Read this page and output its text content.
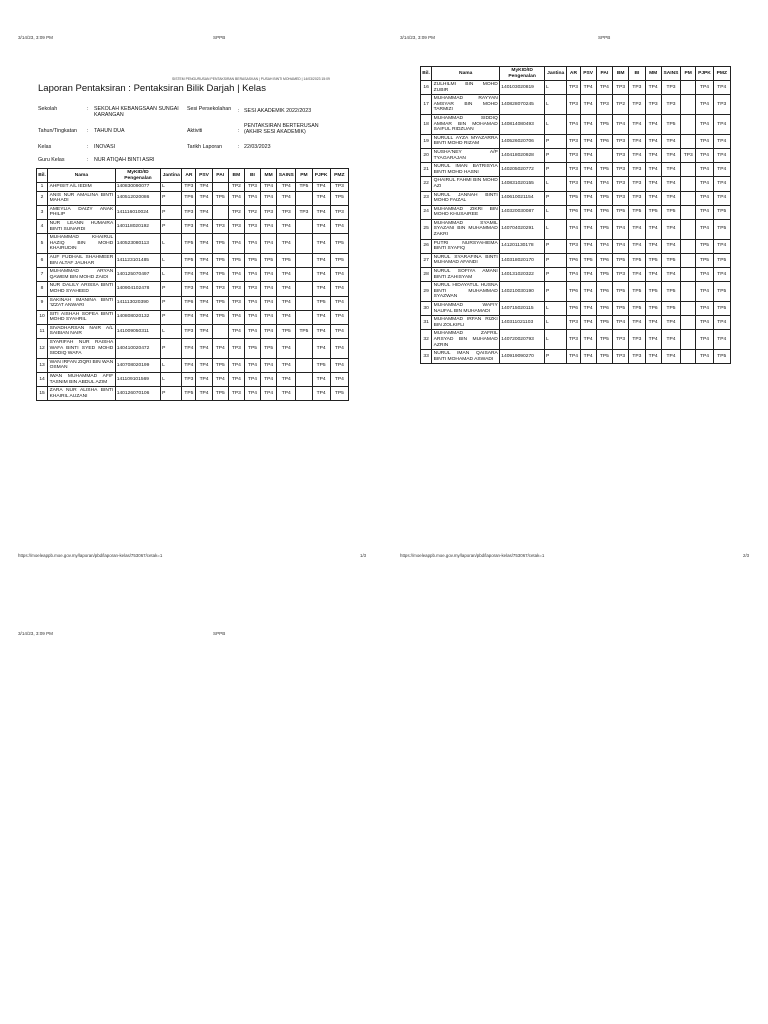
3/14/23, 3:09 PM	SPPB	3/14/23, 3:09 PM	SPPB
SISTEM PENGURUSAN PENTAKSIRAN BERASASKAN | PUSAH BINTI MOHAMED | 14/03/2023 15:09
Laporan Pentaksiran : Pentaksiran Bilik Darjah | Kelas
Sekolah	: SEKOLAH KEBANGSAAN SUNGAI KARANGAN
Sesi Persekolahan	: SESI AKADEMIK 2022/2023
Tahun/Tingkatan : TAHUN DUA	Aktiviti	:
PENTAKSIRAN BERTERUSAN (AKHIR SESI AKADEMIK)
Kelas	: INOVASI	Tarikh Laporan	: 22/03/2023
Guru Kelas	: NUR ATIQAH BINTI ASRI
Bil.	Nama	MyKID/ID Pengenalan	Jantina	AR	PSV	PAI	BM	BI	MM	SAINS	PM	PJPK	PMZ
1	AHPISIT A/L IEDIM	140830090077	L	TP3	TP4		TP2	TP3	TP4	TP4	TP5	TP4	TP3
2	ANIS NUR AMALINA BINTI MAHADI	140512020086	P	TP6	TP4	TP5	TP4	TP4	TP4	TP4		TP4	TP5
3	AMEYLIA DAIZY ANAK PHILIP	141116010024	P	TP3	TP4		TP2	TP2	TP3	TP3	TP3	TP4	TP3
4	NUR LEANN HUMAIRA BINTI SUNARDI	140118020192	P	TP3	TP4	TP3	TP3	TP3	TP4	TP4		TP4	TP4
5	MUHAMMAD KHAIRUL HAZIQ BIN MOHD KHAIRUDIN	140523080113	L	TP5	TP4	TP5	TP4	TP4	TP4	TP4		TP4	TP5
6	AUF FUDHAIL SHAHMEER BIN ALTAF JAUHAR	141123101485	L	TP5	TP4	TP5	TP5	TP5	TP5	TP5		TP4	TP5
7	MUHAMMAD ARYAN QAWEM BIN MOHD ZAIDI	140125070497	L	TP4	TP4	TP5	TP4	TP4	TP4	TP4		TP4	TP4
8	NUR DALILY ARISSA BINTI MOHD SYAHEED	140904102478	P	TP3	TP4	TP3	TP3	TP3	TP4	TP4		TP4	TP4
9	SAKINAH IMANINA BINTI 'IZZAT ANWARI	141113020390	P	TP6	TP4	TP5	TP3	TP4	TP4	TP4		TP5	TP4
10	SITI AISHAH SOFEA BINTI MOHD SYAHRIL	140808020132	P	TP4	TP4	TP5	TP4	TP4	TP4	TP4		TP4	TP4
11	SIVADHARSAN NAIR A/L SAIBIAN NAIR	141009050311	L	TP3	TP4		TP4	TP4	TP4	TP5	TP5	TP4	TP4
12	SYARIFAH NUR RAISHA WAFA BINTI SYED MOHD SIDDIQ WAFA	140410020472	P	TP4	TP4	TP4	TP3	TP5	TP5	TP4		TP4	TP4
13	WAN IRFAN ZIQRI BIN WAN OSMAN	140708020199	L	TP4	TP4	TP5	TP4	TP4	TP4	TP4		TP5	TP4
14	IWAN MUHAMMAD AFIF TASNIM BIN ABDUL AZIM	141109101569	L	TP3	TP4	TP4	TP4	TP4	TP4	TP4		TP4	TP4
15	ZARA NUR ALISHA BINTI KHAIRIL AUZANI	140126070106	P	TP5	TP4	TP5	TP3	TP4	TP4	TP4		TP4	TP5
Bil.	Nama	MyKID/ID Pengenalan	Jantina	AR	PSV	PAI	BM	BI	MM	SAINS	PM	PJPK	PMZ
16	ZULHILMI BIN MOHD ZUBIR	140103020819	L	TP3	TP4	TP4	TP3	TP3	TP4	TP3		TP4	TP4
17	MUHAMMAD RAYYAN AMSYAR BIN MOHD TARMIZI	140828070245	L	TP3	TP4	TP3	TP2	TP2	TP3	TP3		TP4	TP3
18	MUHAMMAD SIDDIQ AMMAR BIN MOHAMAD SAIFUL RIDZUAN	140814080493	L	TP4	TP4	TP5	TP4	TP4	TP4	TP5		TP4	TP4
19	NURULL AYZA MYAZARRA BINTI MOHD RIZAM	140526020706	P	TP3	TP4	TP6	TP3	TP4	TP4	TP4		TP4	TP4
20	NUSHA'NEY A/P TYAGARAJAN	140418020928	P	TP3	TP4		TP3	TP4	TP4	TP4	TP3	TP4	TP4
21	NURUL IMAN BATRISYIA BINTI MOHD HASNI	140205020772	P	TP3	TP4	TP5	TP3	TP3	TP4	TP4		TP4	TP4
22	QHAIRUL FAHMI BIN MOHD AZI	140831020155	L	TP3	TP4	TP4	TP3	TP3	TP4	TP4		TP4	TP4
23	NURUL JANNAH BINTI MOHD FAIZAL	140610021154	P	TP5	TP4	TP5	TP3	TP3	TP4	TP4		TP4	TP4
24	MUHAMMAD ZIKRI BIN MOHD KHUSAIREE	140320030087	L	TP6	TP4	TP6	TP5	TP5	TP5	TP5		TP4	TP5
25	MUHAMMAD SYAMIL SYAZANI BIN MUHAMMAD ZAKRI	140704020291	L	TP4	TP4	TP5	TP4	TP4	TP4	TP4		TP4	TP5
26	PUTRI NURSYAHIEMA BINTI SYAFIQ	141201130178	P	TP3	TP4	TP4	TP4	TP4	TP4	TP4		TP5	TP4
27	NURUL SYARAFINA BINTI MUHAMAD AFANDI	140318020170	P	TP6	TP5	TP6	TP5	TP5	TP5	TP5		TP5	TP5
28	NURUL SOFIYA AMANI BINTI ZAHISYAM	140131020322	P	TP4	TP4	TP5	TP3	TP4	TP4	TP4		TP4	TP4
29	NURUL HIDAYATUL HUSNA BINTI MUHAMMAD SYAZWAN	140210030190	P	TP6	TP4	TP6	TP5	TP5	TP5	TP5		TP4	TP5
30	MUHAMMAD WAFIY NAUFAL BIN MUHAMADI	140715020115	L	TP6	TP4	TP6	TP5	TP5	TP6	TP5		TP4	TP5
31	MUHAMMAD IRFAN RIZKI BIN ZOLKIFLI	140311021103	L	TP3	TP4	TP5	TP4	TP4	TP4	TP4		TP4	TP4
32	MUHAMMAD ZAFRIL ARSYAD BIN MUHAMAD AZRIN	140720020793	L	TP3	TP4	TP5	TP3	TP3	TP4	TP4		TP4	TP4
33	NURUL IMAN QAISARA BINTI MOHAMAD ASWADI	140919090270	P	TP4	TP4	TP5	TP3	TP3	TP4	TP4		TP4	TP5
https://moeleappb.moe.gov.my/laporan/pbd/laporan-kelas/753067/cetak=1	1/3	https://moeleappb.moe.gov.my/laporan/pbd/laporan-kelas/753067/cetak=1	2/3
3/14/23, 3:09 PM	SPPB
